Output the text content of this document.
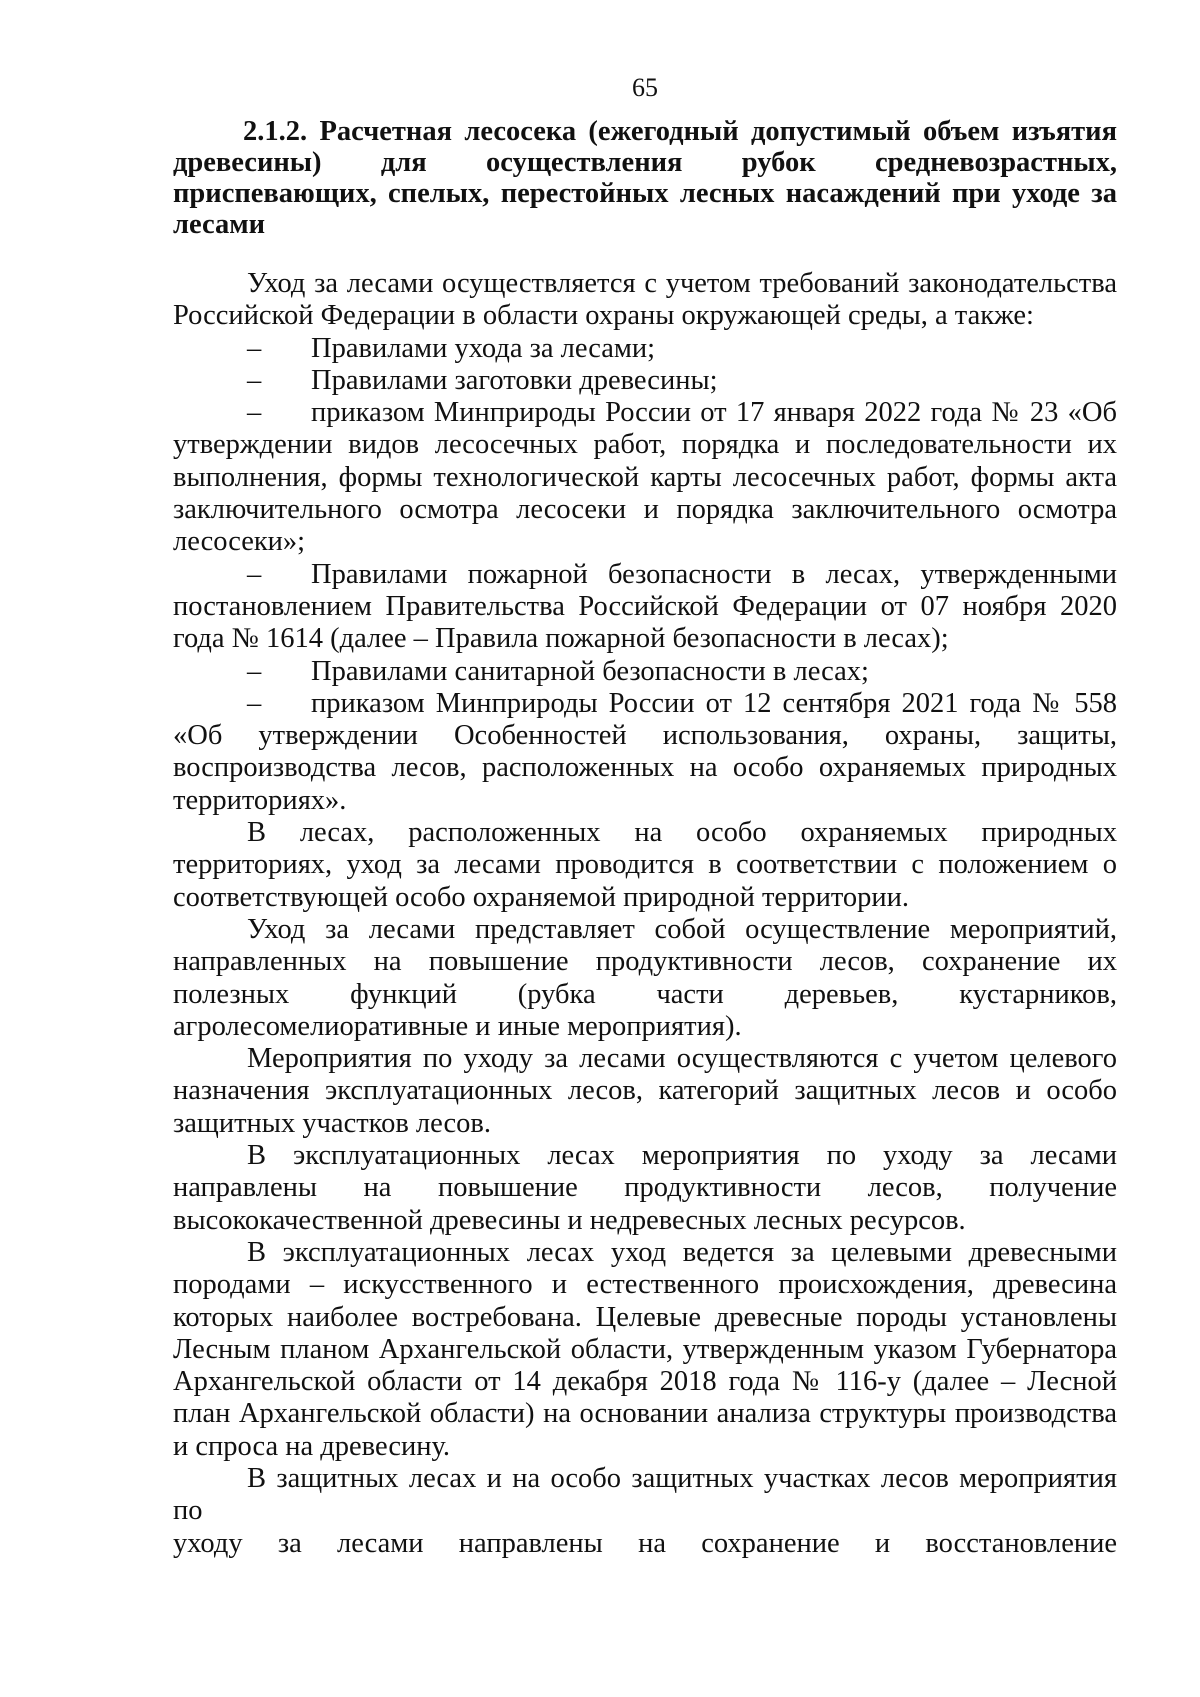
65
2.1.2. Расчетная лесосека (ежегодный допустимый объем изъятия древесины) для осуществления рубок средневозрастных, приспевающих, спелых, перестойных лесных насаждений при уходе за лесами

Уход за лесами осуществляется с учетом требований законодательства Российской Федерации в области охраны окружающей среды, а также:

– Правилами ухода за лесами;

– Правилами заготовки древесины;

– приказом Минприроды России от 17 января 2022 года № 23 «Об утверждении видов лесосечных работ, порядка и последовательности их выполнения, формы технологической карты лесосечных работ, формы акта заключительного осмотра лесосеки и порядка заключительного осмотра лесосеки»;

– Правилами пожарной безопасности в лесах, утвержденными постановлением Правительства Российской Федерации от 07 ноября 2020 года № 1614 (далее – Правила пожарной безопасности в лесах);

– Правилами санитарной безопасности в лесах;

– приказом Минприроды России от 12 сентября 2021 года № 558 «Об утверждении Особенностей использования, охраны, защиты, воспроизводства лесов, расположенных на особо охраняемых природных территориях».

В лесах, расположенных на особо охраняемых природных территориях, уход за лесами проводится в соответствии с положением о соответствующей особо охраняемой природной территории.

Уход за лесами представляет собой осуществление мероприятий, направленных на повышение продуктивности лесов, сохранение их полезных функций (рубка части деревьев, кустарников, агролесомелиоративные и иные мероприятия).

Мероприятия по уходу за лесами осуществляются с учетом целевого назначения эксплуатационных лесов, категорий защитных лесов и особо защитных участков лесов.

В эксплуатационных лесах мероприятия по уходу за лесами направлены на повышение продуктивности лесов, получение высококачественной древесины и недревесных лесных ресурсов.

В эксплуатационных лесах уход ведется за целевыми древесными породами – искусственного и естественного происхождения, древесина которых наиболее востребована. Целевые древесные породы установлены Лесным планом Архангельской области, утвержденным указом Губернатора Архангельской области от 14 декабря 2018 года № 116-у (далее – Лесной план Архангельской области) на основании анализа структуры производства и спроса на древесину.

В защитных лесах и на особо защитных участках лесов мероприятия по

уходу за лесами направлены на сохранение и восстановление
